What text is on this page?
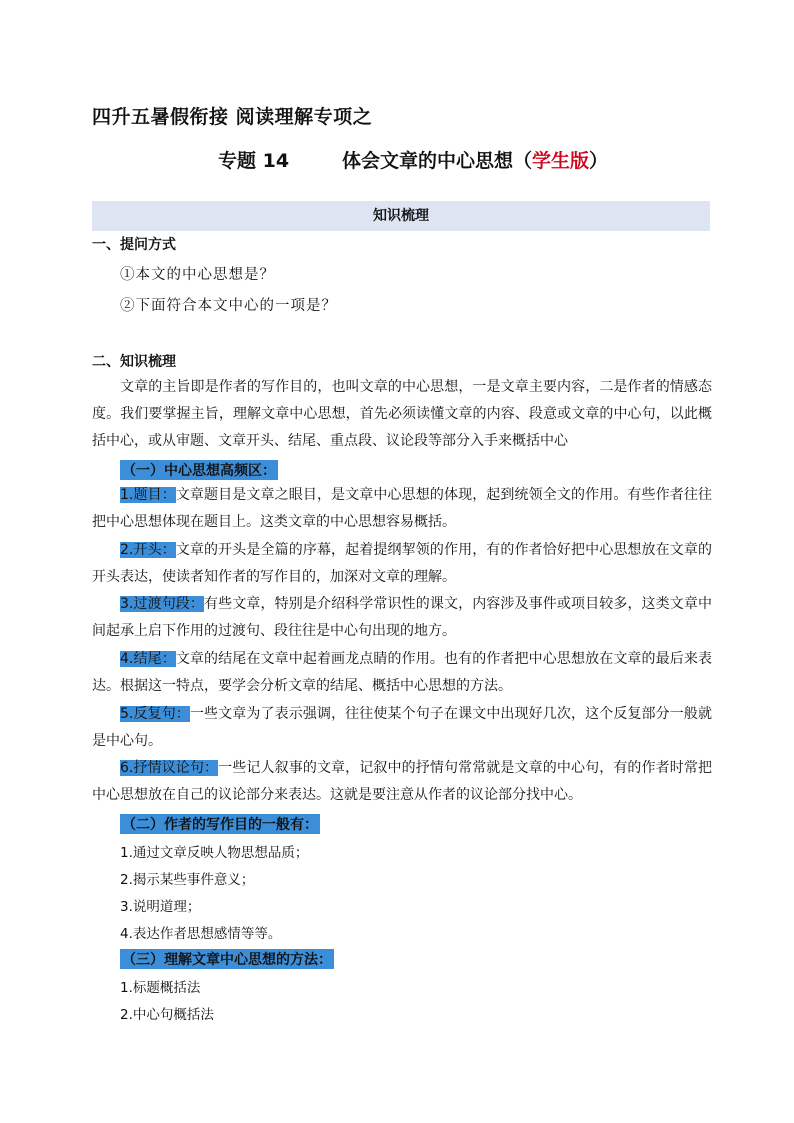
四升五暑假衔接 阅读理解专项之
专题 14        体会文章的中心思想（学生版）
知识梳理
一、提问方式
①本文的中心思想是？
②下面符合本文中心的一项是？
二、知识梳理
文章的主旨即是作者的写作目的，也叫文章的中心思想，一是文章主要内容，二是作者的情感态度。我们要掌握主旨，理解文章中心思想，首先必须读懂文章的内容、段意或文章的中心句，以此概括中心，或从审题、文章开头、结尾、重点段、议论段等部分入手来概括中心
（一）中心思想高频区：
1.题目：文章题目是文章之眼目，是文章中心思想的体现，起到统领全文的作用。有些作者往往把中心思想体现在题目上。这类文章的中心思想容易概括。
2.开头：文章的开头是全篇的序幕，起着提纲挈领的作用，有的作者恰好把中心思想放在文章的开头表达，使读者知作者的写作目的，加深对文章的理解。
3.过渡句段：有些文章，特别是介绍科学常识性的课文，内容涉及事件或项目较多，这类文章中间起承上启下作用的过渡句、段往往是中心句出现的地方。
4.结尾：文章的结尾在文章中起着画龙点睛的作用。也有的作者把中心思想放在文章的最后来表达。根据这一特点，要学会分析文章的结尾、概括中心思想的方法。
5.反复句：一些文章为了表示强调，往往使某个句子在课文中出现好几次，这个反复部分一般就是中心句。
6.抒情议论句：一些记人叙事的文章，记叙中的抒情句常常就是文章的中心句，有的作者时常把中心思想放在自己的议论部分来表达。这就是要注意从作者的议论部分找中心。
（二）作者的写作目的一般有：
1.通过文章反映人物思想品质；
2.揭示某些事件意义；
3.说明道理；
4.表达作者思想感情等等。
（三）理解文章中心思想的方法：
1.标题概括法
2.中心句概括法
